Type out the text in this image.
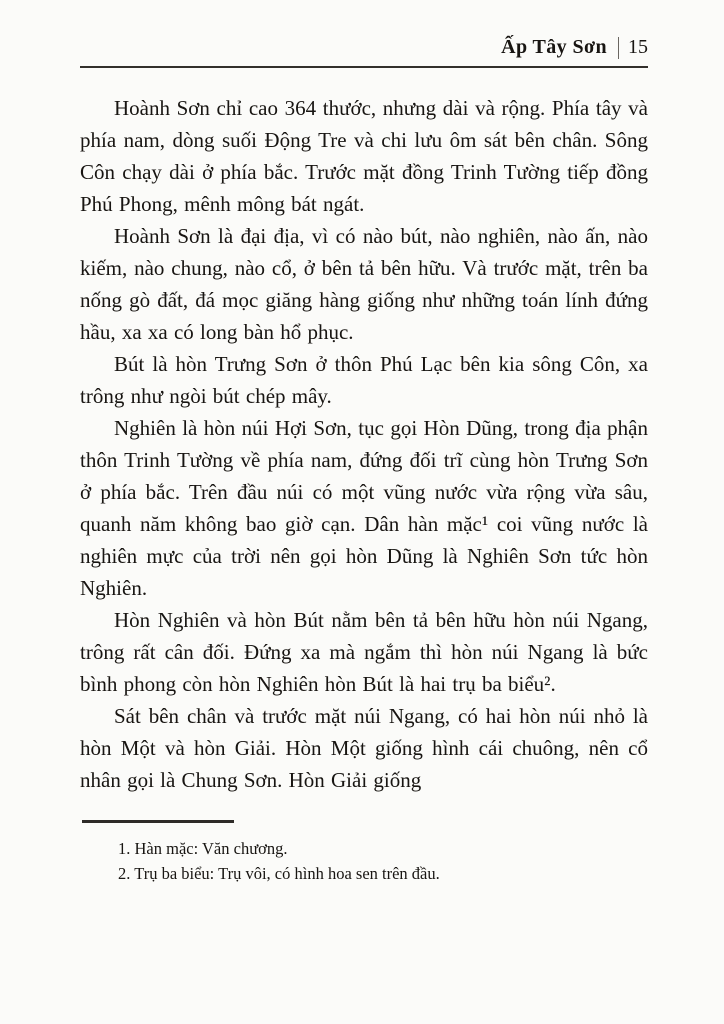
Ấp Tây Sơn 15

Hoành Sơn chỉ cao 364 thước, nhưng dài và rộng. Phía tây và phía nam, dòng suối Động Tre và chi lưu ôm sát bên chân. Sông Côn chạy dài ở phía bắc. Trước mặt đồng Trinh Tường tiếp đồng Phú Phong, mênh mông bát ngát.

Hoành Sơn là đại địa, vì có nào bút, nào nghiên, nào ấn, nào kiếm, nào chung, nào cổ, ở bên tả bên hữu. Và trước mặt, trên ba nống gò đất, đá mọc giăng hàng giống như những toán lính đứng hầu, xa xa có long bàn hổ phục.

Bút là hòn Trưng Sơn ở thôn Phú Lạc bên kia sông Côn, xa trông như ngòi bút chép mây.

Nghiên là hòn núi Hợi Sơn, tục gọi Hòn Dũng, trong địa phận thôn Trinh Tường về phía nam, đứng đối trĩ cùng hòn Trưng Sơn ở phía bắc. Trên đầu núi có một vũng nước vừa rộng vừa sâu, quanh năm không bao giờ cạn. Dân hàn mặc¹ coi vũng nước là nghiên mực của trời nên gọi hòn Dũng là Nghiên Sơn tức hòn Nghiên.

Hòn Nghiên và hòn Bút nằm bên tả bên hữu hòn núi Ngang, trông rất cân đối. Đứng xa mà ngắm thì hòn núi Ngang là bức bình phong còn hòn Nghiên hòn Bút là hai trụ ba biểu².

Sát bên chân và trước mặt núi Ngang, có hai hòn núi nhỏ là hòn Một và hòn Giải. Hòn Một giống hình cái chuông, nên cổ nhân gọi là Chung Sơn. Hòn Giải giống

1. Hàn mặc: Văn chương.

2. Trụ ba biểu: Trụ vôi, có hình hoa sen trên đầu.
